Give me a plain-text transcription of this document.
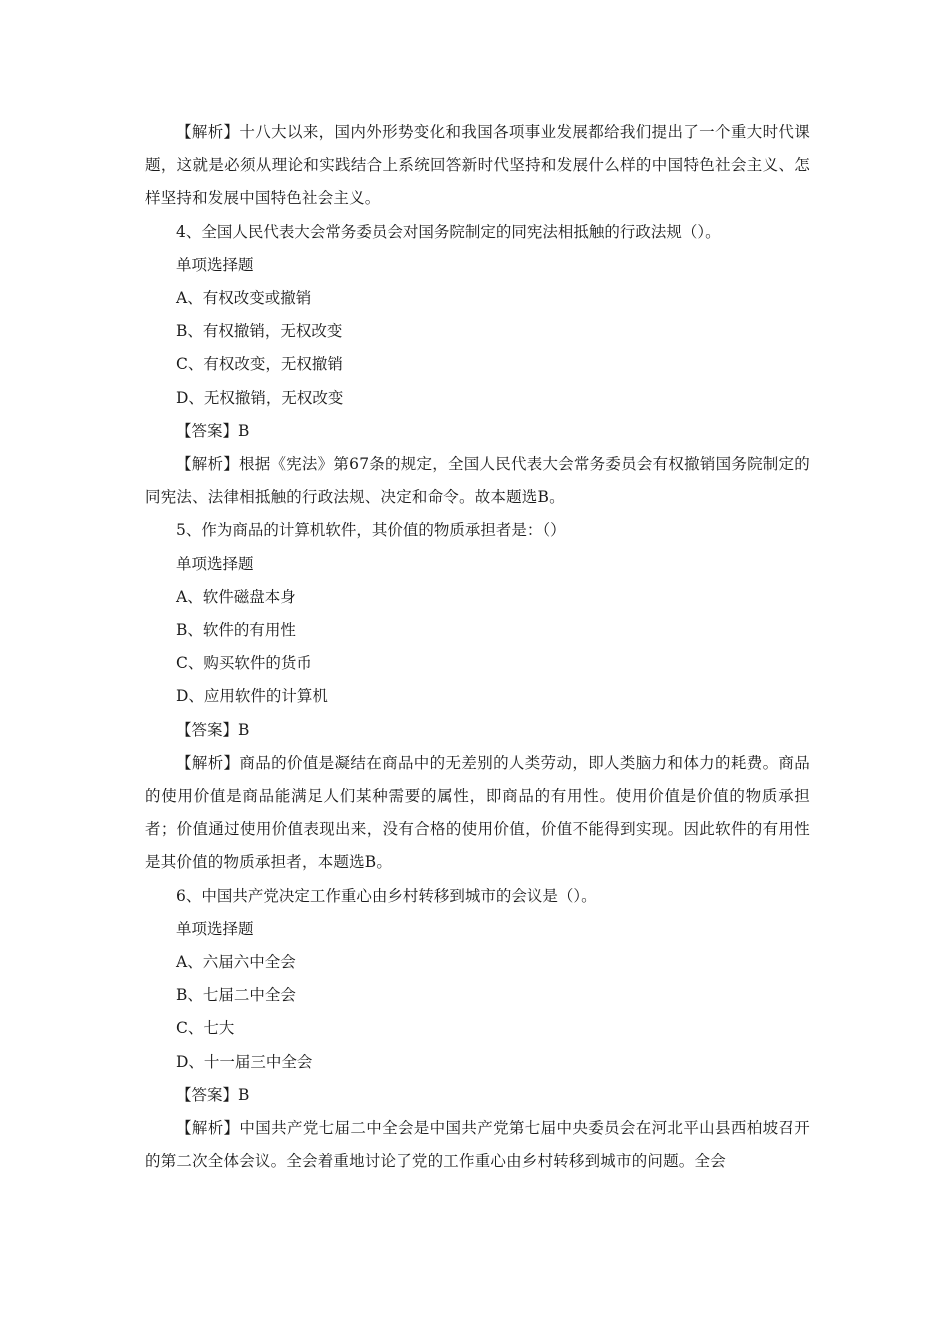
【解析】十八大以来，国内外形势变化和我国各项事业发展都给我们提出了一个重大时代课题，这就是必须从理论和实践结合上系统回答新时代坚持和发展什么样的中国特色社会主义、怎样坚持和发展中国特色社会主义。

4、全国人民代表大会常务委员会对国务院制定的同宪法相抵触的行政法规（）。

单项选择题

A、有权改变或撤销

B、有权撤销，无权改变

C、有权改变，无权撤销

D、无权撤销，无权改变

【答案】B

【解析】根据《宪法》第67条的规定，全国人民代表大会常务委员会有权撤销国务院制定的同宪法、法律相抵触的行政法规、决定和命令。故本题选B。

5、作为商品的计算机软件，其价值的物质承担者是：（）

单项选择题

A、软件磁盘本身

B、软件的有用性

C、购买软件的货币

D、应用软件的计算机

【答案】B

【解析】商品的价值是凝结在商品中的无差别的人类劳动，即人类脑力和体力的耗费。商品的使用价值是商品能满足人们某种需要的属性，即商品的有用性。使用价值是价值的物质承担者；价值通过使用价值表现出来，没有合格的使用价值，价值不能得到实现。因此软件的有用性是其价值的物质承担者，本题选B。

6、中国共产党决定工作重心由乡村转移到城市的会议是（）。

单项选择题

A、六届六中全会

B、七届二中全会

C、七大

D、十一届三中全会

【答案】B

【解析】中国共产党七届二中全会是中国共产党第七届中央委员会在河北平山县西柏坡召开的第二次全体会议。全会着重地讨论了党的工作重心由乡村转移到城市的问题。全会
